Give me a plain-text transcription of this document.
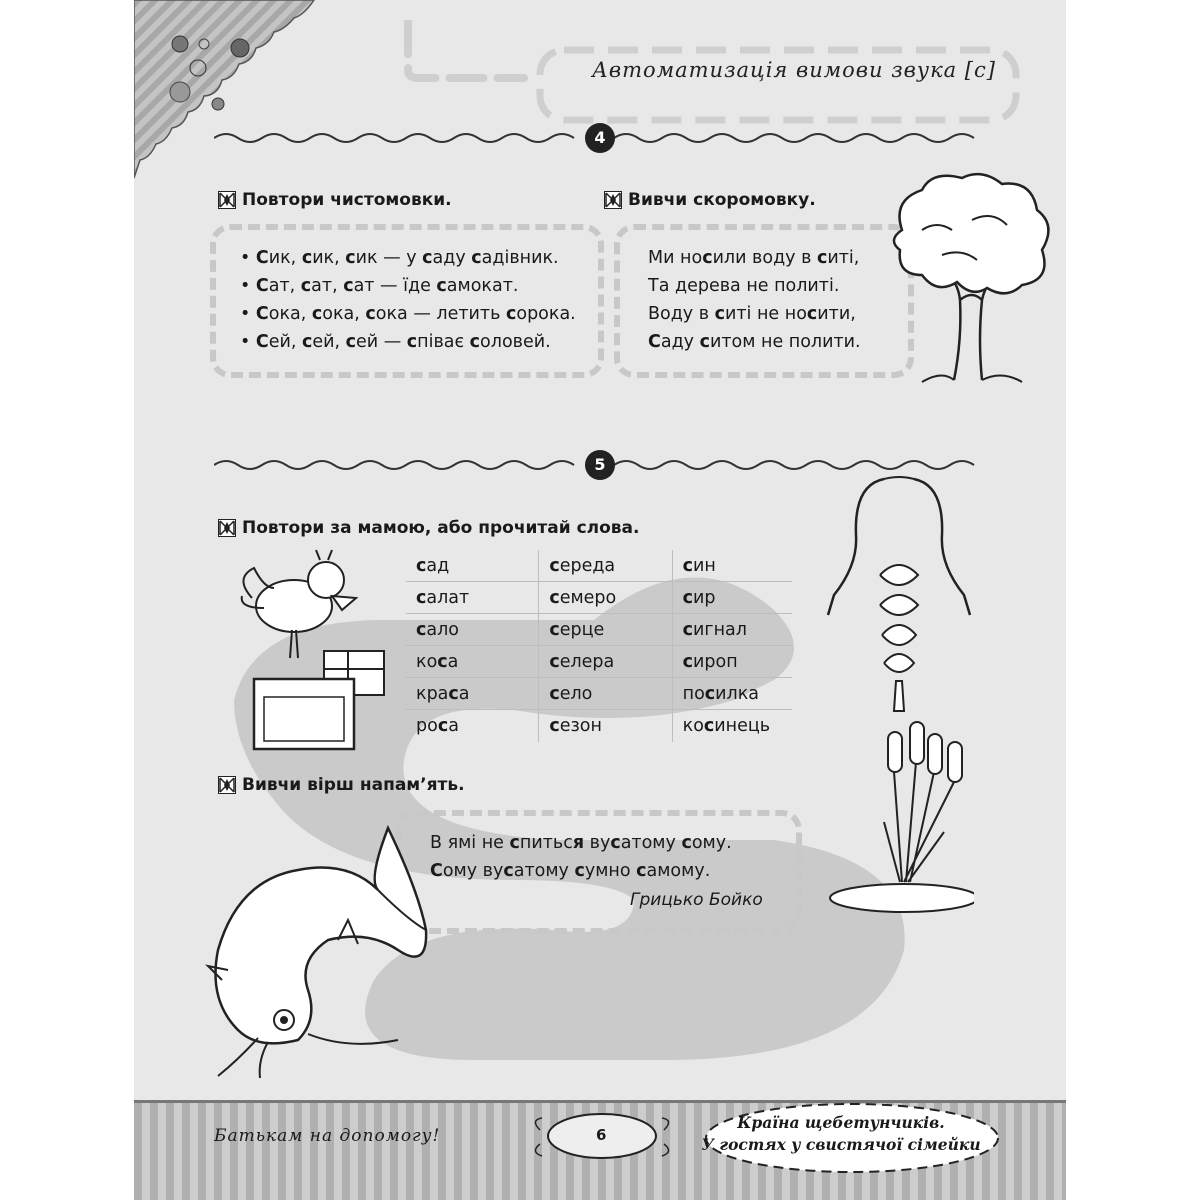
Автоматизація вимови звука [с]
4
Повтори чистомовки.	Вивчи скоромовку.
• Сик, сик, сик — у саду садівник.
• Сат, сат, сат — їде самокат.
• Сока, сока, сока — летить сорока.
• Сей, сей, сей — співає соловей.
Ми носили воду в ситі,
Та дерева не политі.
Воду в ситі не носити,
Саду ситом не полити.
5
Повтори за мамою, або прочитай слова.
сад	середа	син
салат	семеро	сир
сало	серце	сигнал
коса	селера	сироп
краса	село	посилка
роса	сезон	косинець
Вивчи вірш напам’ять.
В ямі не спиться вусатому сому.
Сому вусатому сумно самому.
Грицько Бойко
Батькам на допомогу!	6
Країна щебетунчиків.
У гостях у свистячої сімейки
